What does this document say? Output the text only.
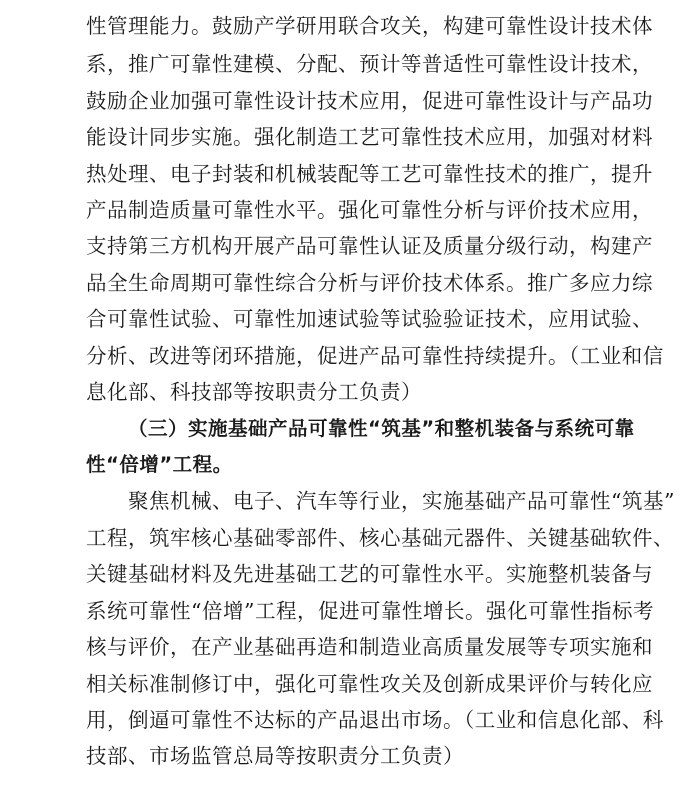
性管理能力。鼓励产学研用联合攻关，构建可靠性设计技术体
系，推广可靠性建模、分配、预计等普适性可靠性设计技术，
鼓励企业加强可靠性设计技术应用，促进可靠性设计与产品功
能设计同步实施。强化制造工艺可靠性技术应用，加强对材料
热处理、电子封装和机械装配等工艺可靠性技术的推广，提升
产品制造质量可靠性水平。强化可靠性分析与评价技术应用，
支持第三方机构开展产品可靠性认证及质量分级行动，构建产
品全生命周期可靠性综合分析与评价技术体系。推广多应力综
合可靠性试验、可靠性加速试验等试验验证技术，应用试验、
分析、改进等闭环措施，促进产品可靠性持续提升。（工业和信
息化部、科技部等按职责分工负责）
（三）实施基础产品可靠性“筑基”和整机装备与系统可靠
性“倍增”工程。
聚焦机械、电子、汽车等行业，实施基础产品可靠性“筑基”
工程，筑牢核心基础零部件、核心基础元器件、关键基础软件、
关键基础材料及先进基础工艺的可靠性水平。实施整机装备与
系统可靠性“倍增”工程，促进可靠性增长。强化可靠性指标考
核与评价，在产业基础再造和制造业高质量发展等专项实施和
相关标准制修订中，强化可靠性攻关及创新成果评价与转化应
用，倒逼可靠性不达标的产品退出市场。（工业和信息化部、科
技部、市场监管总局等按职责分工负责）
